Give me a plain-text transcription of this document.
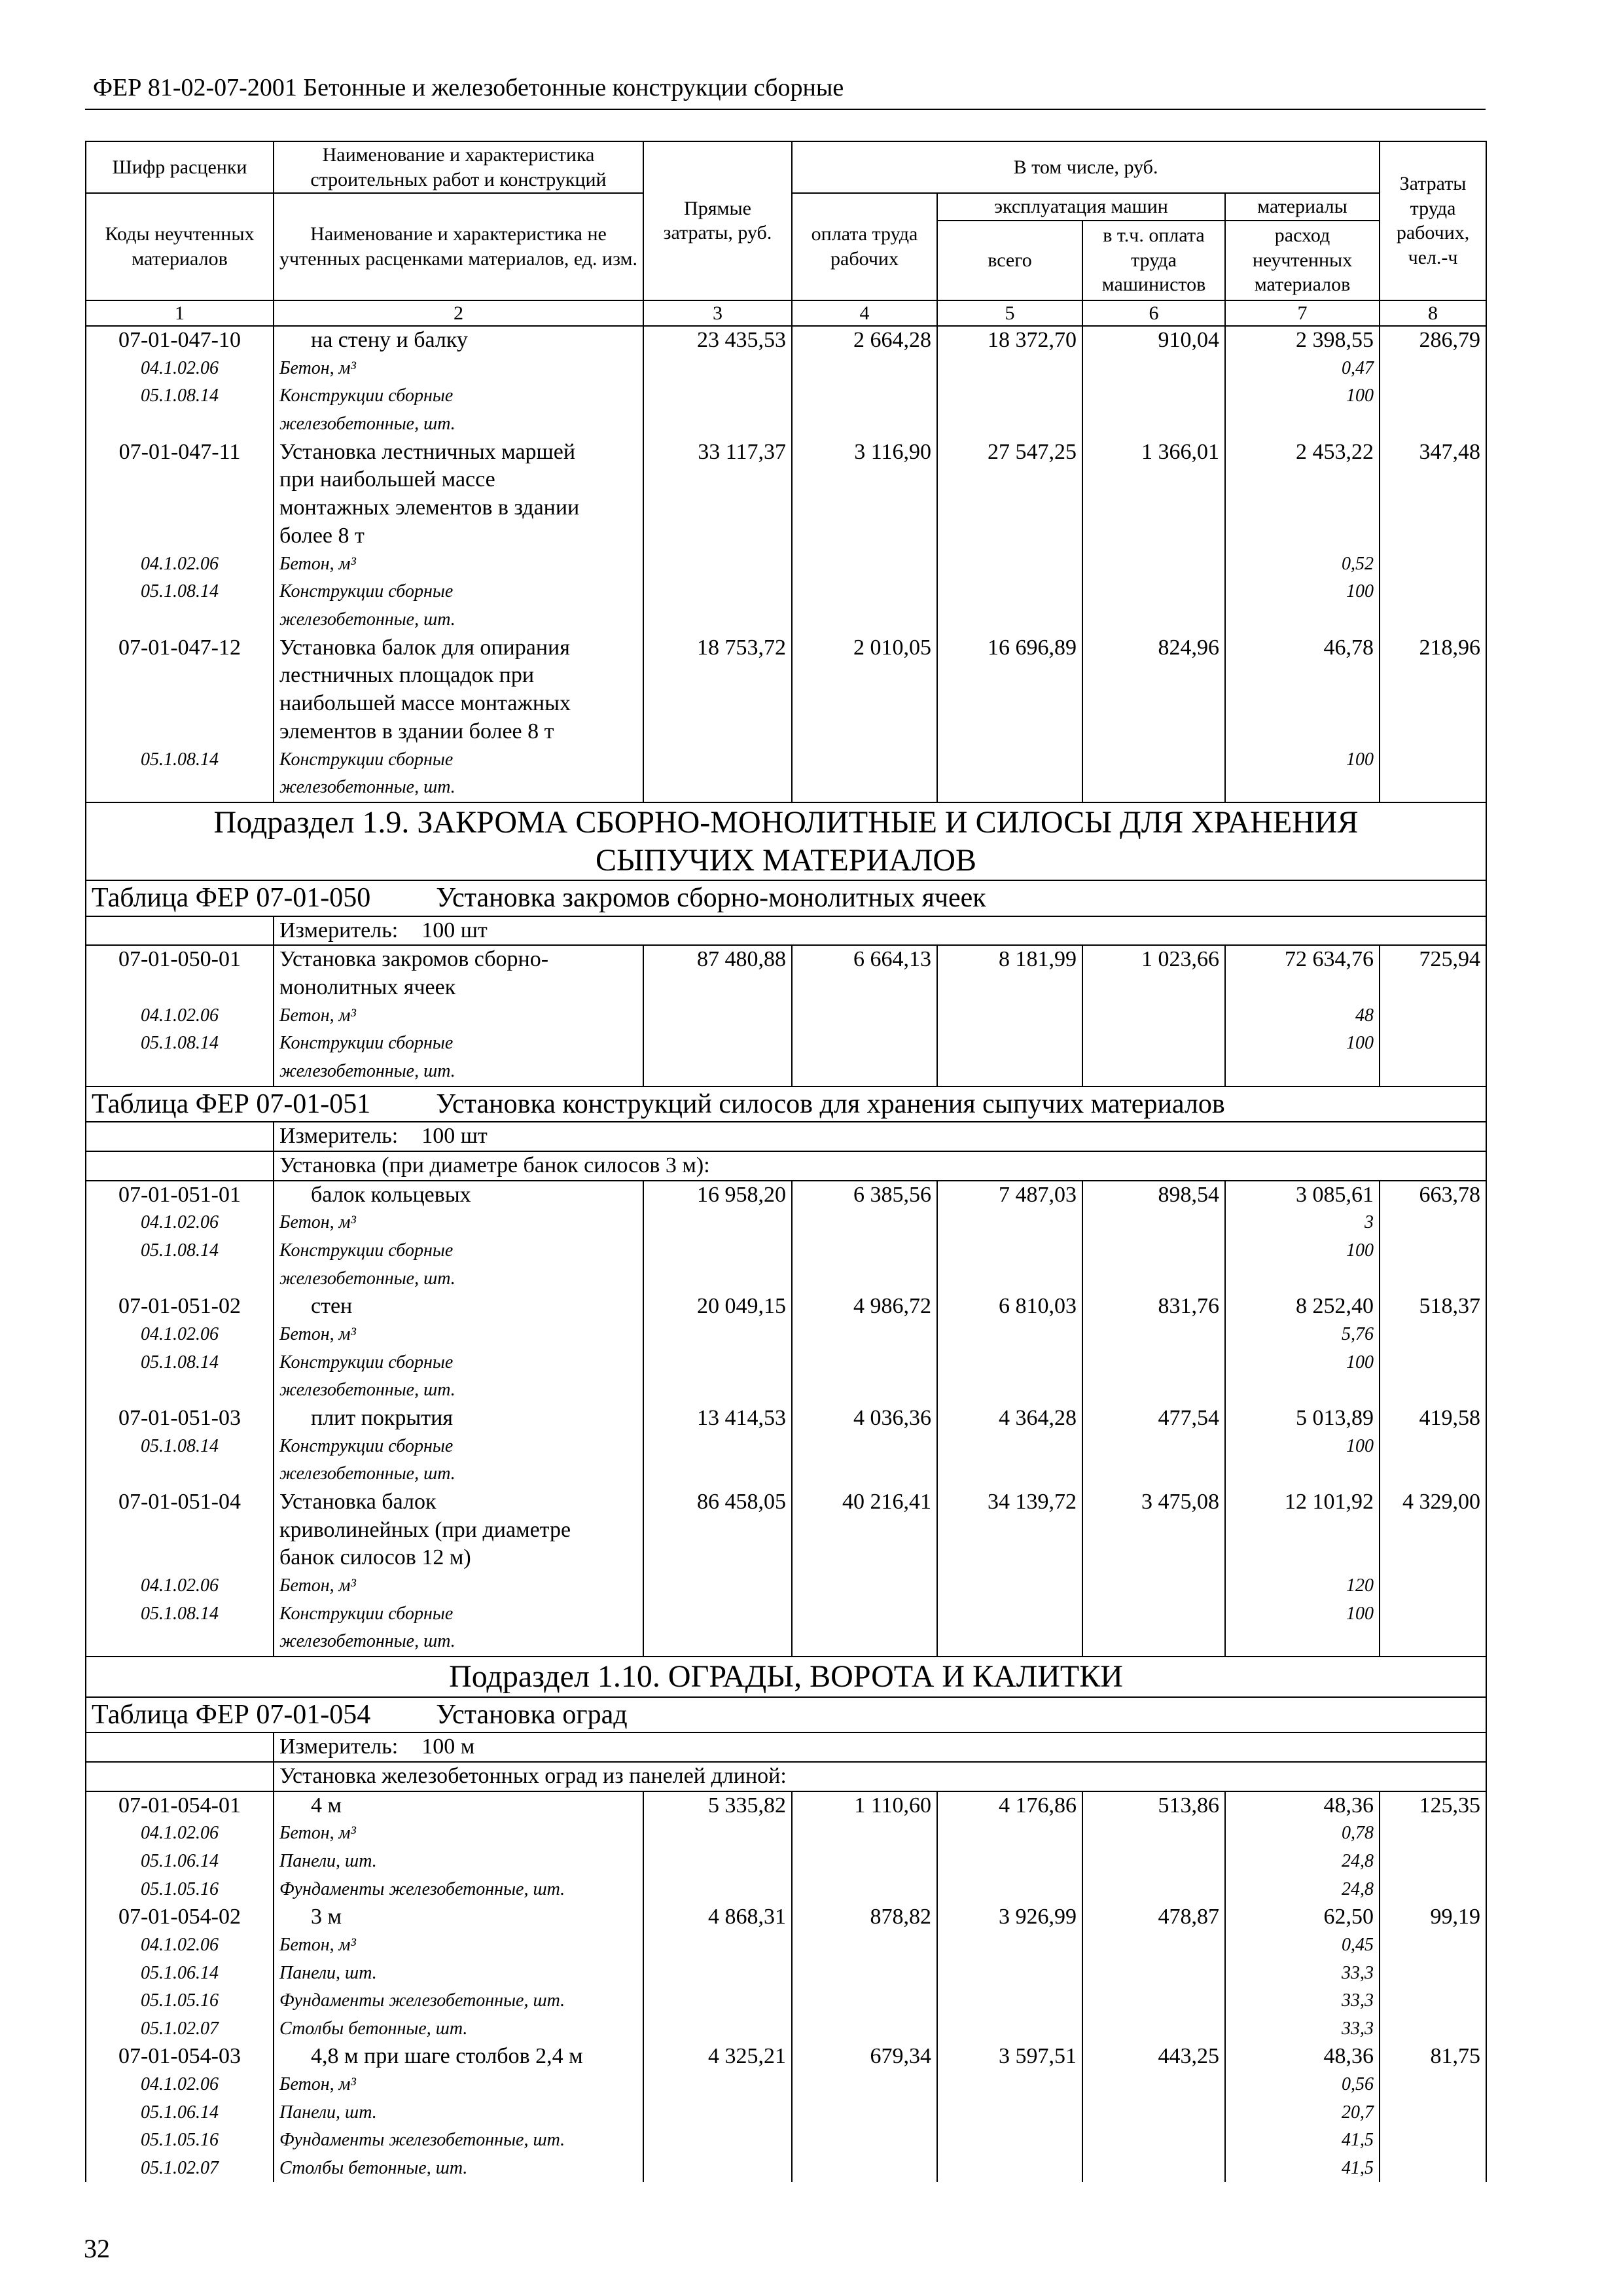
ФЕР 81-02-07-2001 Бетонные и железобетонные конструкции сборные
Шифр расценки	Наименование и характеристика строительных работ и конструкций	Прямые затраты, руб.	В том числе, руб.				Затраты труда рабочих, чел.-ч
Коды неучтенных материалов	Наименование и характеристика не учтенных расценками материалов, ед. изм.		оплата труда рабочих	эксплуатация машин		материалы	
				всего	в т.ч. оплата труда машинистов	расход неучтенных материалов	
1	2	3	4	5	6	7	8
07-01-047-10	на стену и балку	23 435,53	2 664,28	18 372,70	910,04	2 398,55	286,79
04.1.02.06	Бетон, м³					0,47	
05.1.08.14	Конструкции сборные					100	
	железобетонные, шт.						
07-01-047-11	Установка лестничных маршей	33 117,37	3 116,90	27 547,25	1 366,01	2 453,22	347,48
	при наибольшей массе						
	монтажных элементов в здании						
	более 8 т						
04.1.02.06	Бетон, м³					0,52	
05.1.08.14	Конструкции сборные					100	
	железобетонные, шт.						
07-01-047-12	Установка балок для опирания	18 753,72	2 010,05	16 696,89	824,96	46,78	218,96
	лестничных площадок при						
	наибольшей массе монтажных						
	элементов в здании более 8 т						
05.1.08.14	Конструкции сборные					100	
	железобетонные, шт.						
Подраздел 1.9. ЗАКРОМА СБОРНО-МОНОЛИТНЫЕ И СИЛОСЫ ДЛЯ ХРАНЕНИЯ
СЫПУЧИХ МАТЕРИАЛОВ							
Таблица ФЕР 07-01-050 Установка закромов сборно-монолитных ячеек							
	Измеритель: 100 шт						
07-01-050-01	Установка закромов сборно-	87 480,88	6 664,13	8 181,99	1 023,66	72 634,76	725,94
	монолитных ячеек						
04.1.02.06	Бетон, м³					48	
05.1.08.14	Конструкции сборные					100	
	железобетонные, шт.						
Таблица ФЕР 07-01-051 Установка конструкций силосов для хранения сыпучих материалов							
	Измеритель: 100 шт						
	Установка (при диаметре банок силосов 3 м):						
07-01-051-01	балок кольцевых	16 958,20	6 385,56	7 487,03	898,54	3 085,61	663,78
04.1.02.06	Бетон, м³					3	
05.1.08.14	Конструкции сборные					100	
	железобетонные, шт.						
07-01-051-02	стен	20 049,15	4 986,72	6 810,03	831,76	8 252,40	518,37
04.1.02.06	Бетон, м³					5,76	
05.1.08.14	Конструкции сборные					100	
	железобетонные, шт.						
07-01-051-03	плит покрытия	13 414,53	4 036,36	4 364,28	477,54	5 013,89	419,58
05.1.08.14	Конструкции сборные					100	
	железобетонные, шт.						
07-01-051-04	Установка балок	86 458,05	40 216,41	34 139,72	3 475,08	12 101,92	4 329,00
	криволинейных (при диаметре						
	банок силосов 12 м)						
04.1.02.06	Бетон, м³					120	
05.1.08.14	Конструкции сборные					100	
	железобетонные, шт.						
Подраздел 1.10. ОГРАДЫ, ВОРОТА И КАЛИТКИ							
Таблица ФЕР 07-01-054 Установка оград							
	Измеритель: 100 м						
	Установка железобетонных оград из панелей длиной:						
07-01-054-01	4 м	5 335,82	1 110,60	4 176,86	513,86	48,36	125,35
04.1.02.06	Бетон, м³					0,78	
05.1.06.14	Панели, шт.					24,8	
05.1.05.16	Фундаменты железобетонные, шт.					24,8	
07-01-054-02	3 м	4 868,31	878,82	3 926,99	478,87	62,50	99,19
04.1.02.06	Бетон, м³					0,45	
05.1.06.14	Панели, шт.					33,3	
05.1.05.16	Фундаменты железобетонные, шт.					33,3	
05.1.02.07	Столбы бетонные, шт.					33,3	
07-01-054-03	4,8 м при шаге столбов 2,4 м	4 325,21	679,34	3 597,51	443,25	48,36	81,75
04.1.02.06	Бетон, м³					0,56	
05.1.06.14	Панели, шт.					20,7	
05.1.05.16	Фундаменты железобетонные, шт.					41,5	
05.1.02.07	Столбы бетонные, шт.					41,5	
32
